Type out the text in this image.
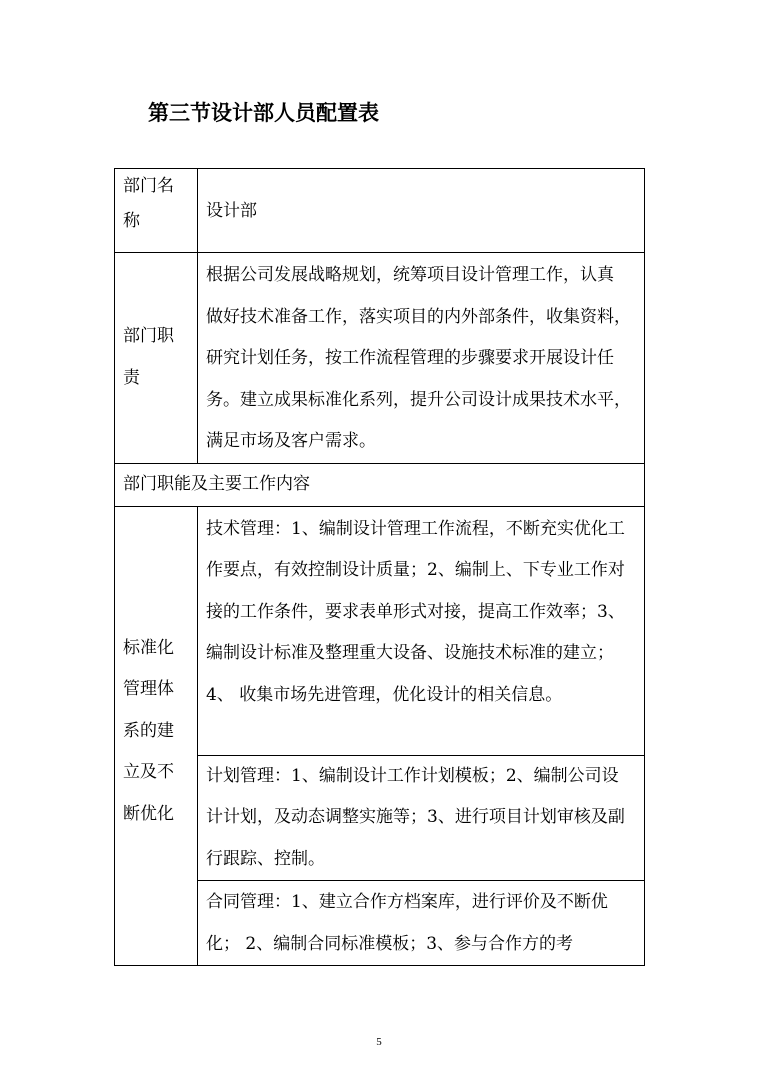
第三节设计部人员配置表
部门名称	设计部
部门职责	根据公司发展战略规划，统筹项目设计管理工作，认真 做好技术准备工作，落实项目的内外部条件，收集资料， 研究计划任务，按工作流程管理的步骤要求开展设计任 务。建立成果标准化系列，提升公司设计成果技术水平， 满足市场及客户需求。
部门职能及主要工作内容	
标准化管理体系的建立及不断优化	技术管理：1、编制设计管理工作流程，不断充实优化工 作要点，有效控制设计质量；2、编制上、下专业工作对 接的工作条件，要求表单形式对接，提高工作效率；3、 编制设计标准及整理重大设备、设施技术标准的建立；4、 收集市场先进管理，优化设计的相关信息。
	计划管理：1、编制设计工作计划模板；2、编制公司设 计计划，及动态调整实施等；3、进行项目计划审核及副 行跟踪、控制。
	合同管理：1、建立合作方档案库，进行评价及不断优化； 2、编制合同标准模板；3、参与合作方的考
5
